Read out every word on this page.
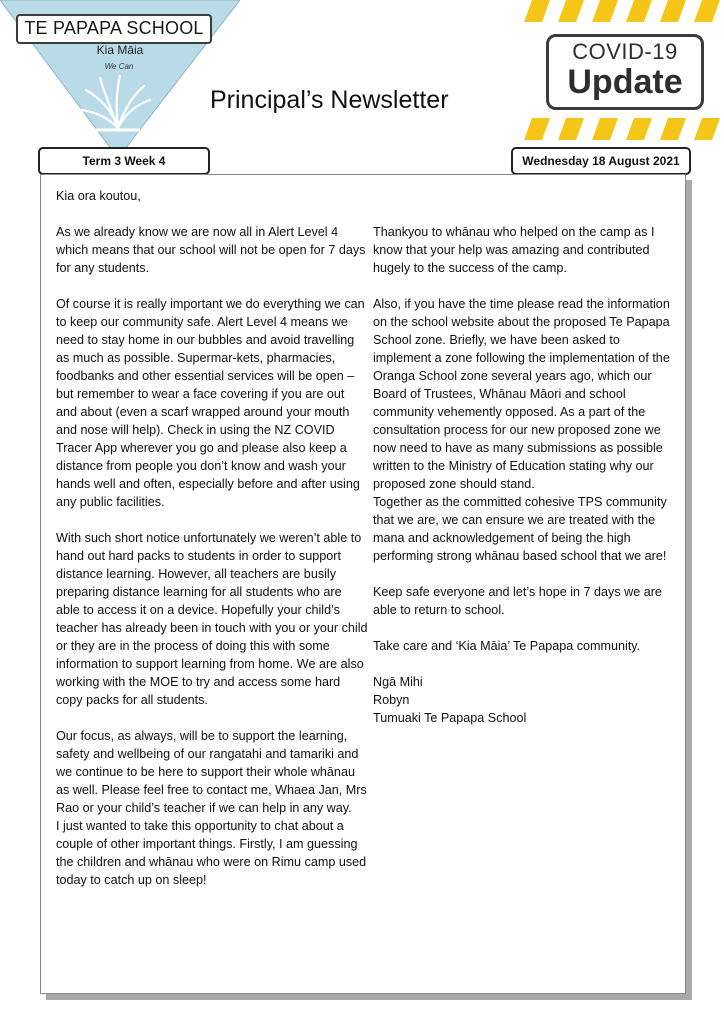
TE PAPAPA SCHOOL
Kia Māia
We Can
Principal’s Newsletter
COVID-19
Update
Term 3 Week 4	Wednesday 18 August 2021

Kia ora koutou,

As we already know we are now all in Alert Level 4 which means that our school will not be open for 7 days for any students.

Of course it is really important we do everything we can to keep our community safe. Alert Level 4 means we need to stay home in our bubbles and avoid travelling as much as possible. Supermar-kets, pharmacies, foodbanks and other essential services will be open – but remember to wear a face covering if you are out and about (even a scarf wrapped around your mouth and nose will help). Check in using the NZ COVID Tracer App wherever you go and please also keep a distance from people you don’t know and wash your hands well and often, especially before and after using any public facilities.

With such short notice unfortunately we weren’t able to hand out hard packs to students in order to support distance learning. However, all teachers are busily preparing distance learning for all students who are able to access it on a device. Hopefully your child’s teacher has already been in touch with you or your child or they are in the process of doing this with some information to support learning from home. We are also working with the MOE to try and access some hard copy packs for all students.

Our focus, as always, will be to support the learning, safety and wellbeing of our rangatahi and tamariki and we continue to be here to support their whole whānau as well. Please feel free to contact me, Whaea Jan, Mrs Rao or your child’s teacher if we can help in any way.

I just wanted to take this opportunity to chat about a couple of other important things. Firstly, I am guessing the children and whānau who were on Rimu camp used today to catch up on sleep!

Thankyou to whānau who helped on the camp as I know that your help was amazing and contributed hugely to the success of the camp.

Also, if you have the time please read the information on the school website about the proposed Te Papapa School zone. Briefly, we have been asked to implement a zone following the implementation of the Oranga School zone several years ago, which our Board of Trustees, Whānau Māori and school community vehemently opposed. As a part of the consultation process for our new proposed zone we now need to have as many submissions as possible written to the Ministry of Education stating why our proposed zone should stand.

Together as the committed cohesive TPS community that we are, we can ensure we are treated with the mana and acknowledgement of being the high performing strong whānau based school that we are!

Keep safe everyone and let’s hope in 7 days we are able to return to school.

Take care and ‘Kia Māia’ Te Papapa community.

Ngā Mihi

Robyn

Tumuaki Te Papapa School
